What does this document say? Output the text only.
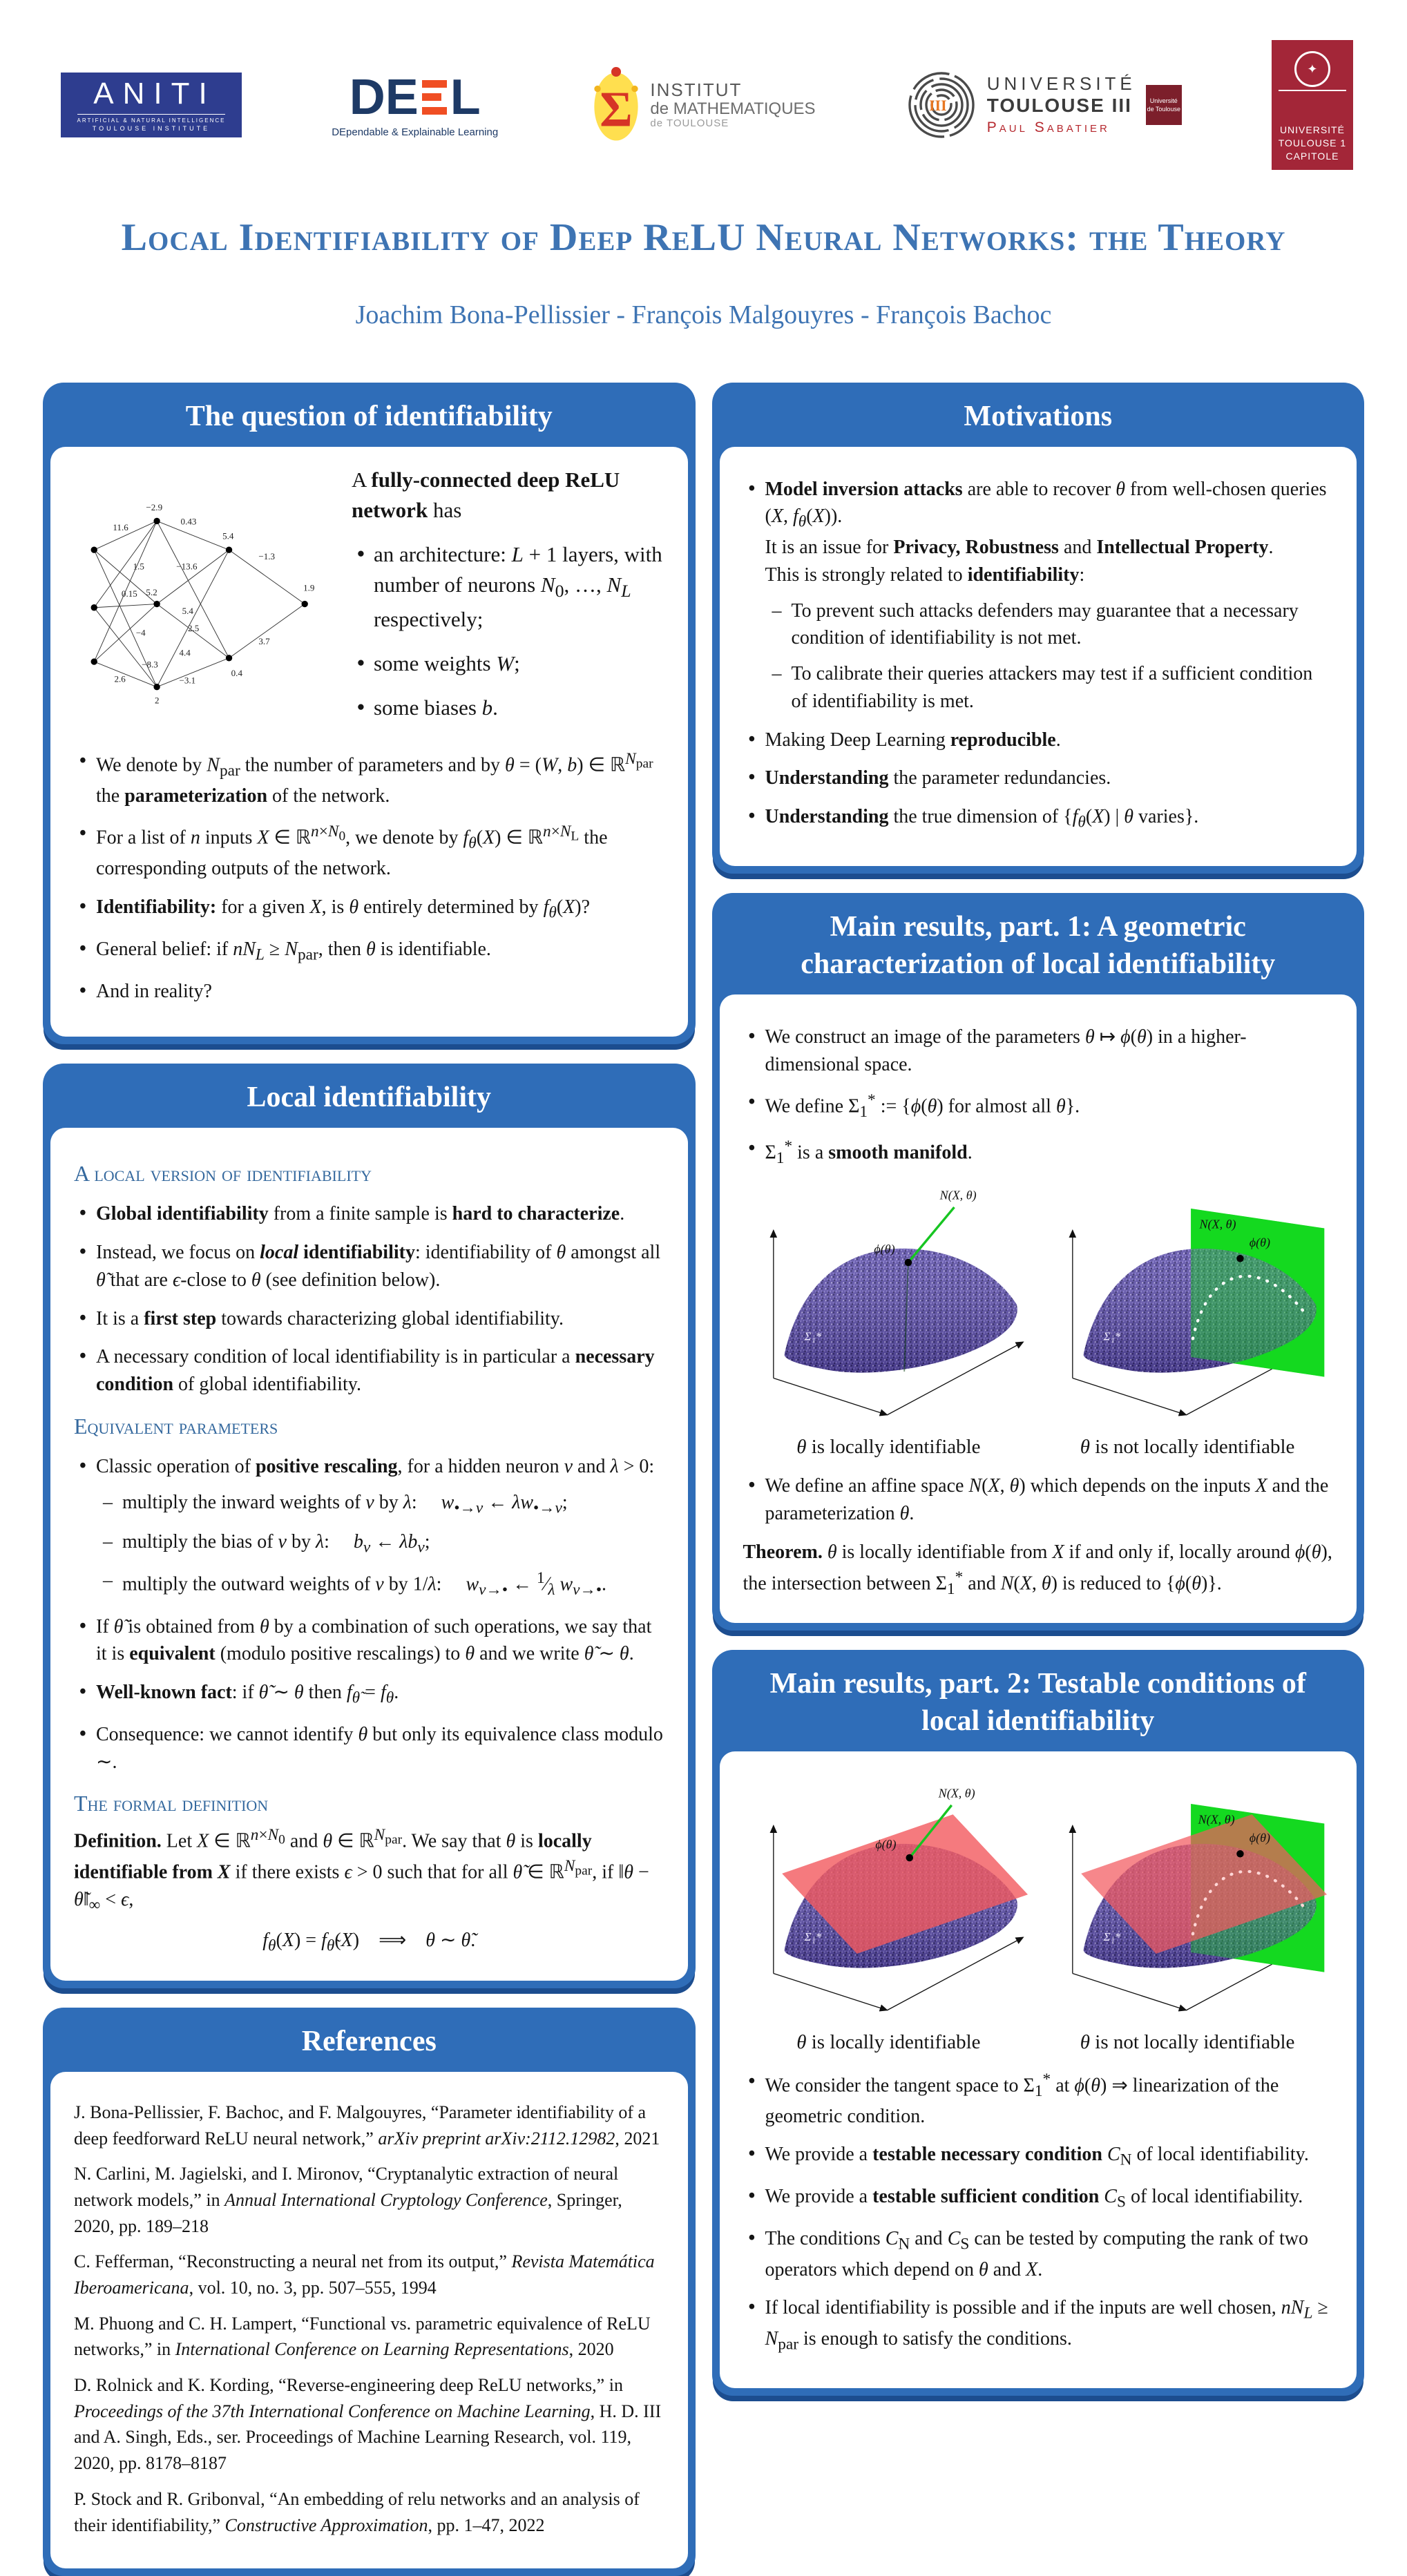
ANITI
ARTIFICIAL & NATURAL INTELLIGENCE
TOULOUSE INSTITUTE
D E L
DEpendable & Explainable Learning Σ INSTITUT
de MATHEMATIQUES
de TOULOUSE
III
UNIVERSITÉ
TOULOUSE III
Paul Sabatier
Université
de Toulouse
✦
UNIVERSITÉ
TOULOUSE 1
CAPITOLE
Local Identifiability of Deep ReLU Neural Networks: the Theory
Joachim Bona-Pellissier - François Malgouyres - François Bachoc
The question of identifiability
−2.9
5.2
2
5.4
0.4
1.9
11.6
0.43
1.5
0.15
−13.6
5.4
−4	2.5
4.4
−8.3
2.6	−3.1
−1.3
3.7
A fully-connected deep ReLU network has
• an architecture: L + 1 layers, with number of neurons $N_0$, …, $N_L$ respectively;
• some weights W;
• some biases b.
• We denote by $N_{par}$ the number of parameters and by θ = (W, b) ∈ ℝ$^{N_{par}}$ the parameterization of the network.
• For a list of n inputs X ∈ ℝ$^{n\times N_0}$, we denote by $f_\theta(X)$ ∈ ℝ$^{n\times N_L}$ the corresponding outputs of the network.
• Identifiability: for a given X, is θ entirely determined by $f_\theta(X)$?
• General belief: if $nN_L \ge N_{par}$, then θ is identifiable.
• And in reality?
Local identifiability
A local version of identifiability
• Global identifiability from a finite sample is hard to characterize.
• Instead, we focus on local identifiability: identifiability of θ amongst all θ̃ that are ϵ-close to θ (see definition below).
• It is a first step towards characterizing global identifiability.
• A necessary condition of local identifiability is in particular a necessary condition of global identifiability.
Equivalent parameters
• Classic operation of positive rescaling, for a hidden neuron v and λ > 0:
– multiply the inward weights of v by λ:     $w_{•\to v}$ ← $\lambda w_{•\to v}$;
– multiply the bias of v by λ:     $b_v$ ← $\lambda b_v$;
– multiply the outward weights of v by 1/λ:     $w_{v\to•}$ ← $^1⁄_\lambda$ $w_{v\to•}$.
• If θ̃ is obtained from θ by a combination of such operations, we say that it is equivalent (modulo positive rescalings) to θ and we write θ̃ ∼ θ.
• Well-known fact: if θ̃ ∼ θ then $f_{\thetã} = f_\theta$.
• Consequence: we cannot identify θ but only its equivalence class modulo ∼.
The formal definition
Definition. Let X ∈ ℝ$^{n\times N_0}$ and θ ∈ ℝ$^{N_{par}}$. We say that θ is locally identifiable from X if there exists ϵ > 0 such that for all θ̃ ∈ ℝ$^{N_{par}}$, if ‖θ − $\thetã‖_\infty < \epsilon$,
$f_\theta(X) = f_{\thetã}(X)$    ⟹    θ ∼ θ̃.
References

J. Bona-Pellissier, F. Bachoc, and F. Malgouyres, “Parameter identifiability of a deep feedforward ReLU neural network,” arXiv preprint arXiv:2112.12982, 2021

N. Carlini, M. Jagielski, and I. Mironov, “Cryptanalytic extraction of neural network models,” in Annual International Cryptology Conference, Springer, 2020, pp. 189–218

C. Fefferman, “Reconstructing a neural net from its output,” Revista Matemática Iberoamericana, vol. 10, no. 3, pp. 507–555, 1994

M. Phuong and C. H. Lampert, “Functional vs. parametric equivalence of ReLU networks,” in International Conference on Learning Representations, 2020

D. Rolnick and K. Kording, “Reverse-engineering deep ReLU networks,” in Proceedings of the 37th International Conference on Machine Learning, H. D. III and A. Singh, Eds., ser. Proceedings of Machine Learning Research, vol. 119, 2020, pp. 8178–8187

P. Stock and R. Gribonval, “An embedding of relu networks and an analysis of their identifiability,” Constructive Approximation, pp. 1–47, 2022

Motivations
• Model inversion attacks are able to recover θ from well-chosen queries (X, $f_\theta(X)$).
It is an issue for Privacy, Robustness and Intellectual Property.
This is strongly related to identifiability:
– To prevent such attacks defenders may guarantee that a necessary condition of identifiability is not met.
– To calibrate their queries attackers may test if a sufficient condition of identifiability is met.
• Making Deep Learning reproducible.
• Understanding the parameter redundancies.
• Understanding the true dimension of {$f_\theta(X)$ | θ varies}.
Main results, part. 1: A geometric characterization of local identifiability
• We construct an image of the parameters θ ↦ ϕ(θ) in a higher-dimensional space.
• We define $\Sigma_1^*$ := {ϕ(θ) for almost all θ}.
• $\Sigma_1^*$ is a smooth manifold.
N(X, θ)
ϕ(θ)
Σ₁*
θ is locally identifiable
ϕ(θ)
N(X, θ)
Σ₁*
θ is not locally identifiable
• We define an affine space N(X, θ) which depends on the inputs X and the parameterization θ.
Theorem. θ is locally identifiable from X if and only if, locally around ϕ(θ), the intersection between $\Sigma_1^*$ and N(X, θ) is reduced to {ϕ(θ)}.
Main results, part. 2: Testable conditions of local identifiability
N(X, θ)
ϕ(θ)
Σ₁*
θ is locally identifiable
ϕ(θ)
N(X, θ)
Σ₁*
θ is not locally identifiable
• We consider the tangent space to $\Sigma_1^*$ at ϕ(θ) ⇒ linearization of the geometric condition.
• We provide a testable necessary condition $C_N$ of local identifiability.
• We provide a testable sufficient condition $C_S$ of local identifiability.
• The conditions $C_N$ and $C_S$ can be tested by computing the rank of two operators which depend on θ and X.
• If local identifiability is possible and if the inputs are well chosen, $nN_L \ge N_{par}$ is enough to satisfy the conditions.
